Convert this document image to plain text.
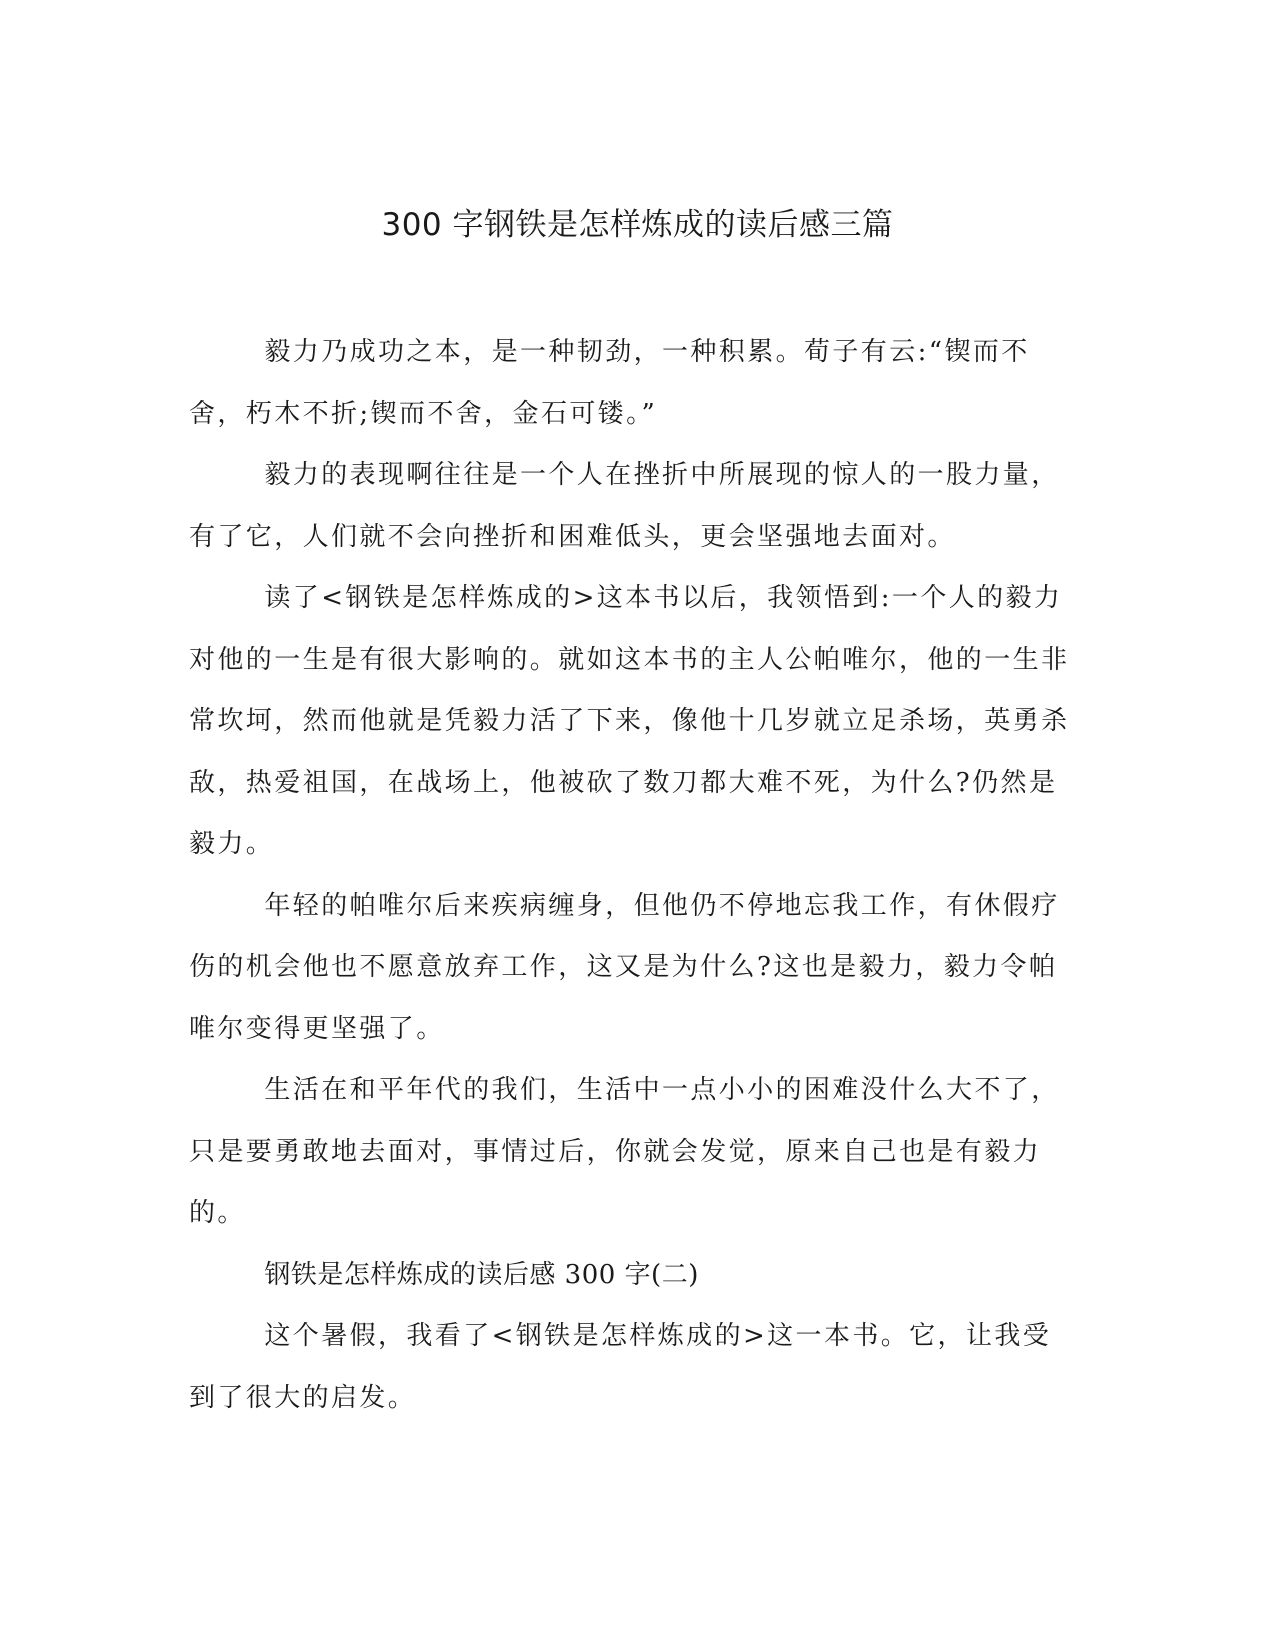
300 字钢铁是怎样炼成的读后感三篇

毅力乃成功之本，是一种韧劲，一种积累。荀子有云:“锲而不舍，朽木不折;锲而不舍，金石可镂。”

毅力的表现啊往往是一个人在挫折中所展现的惊人的一股力量，有了它，人们就不会向挫折和困难低头，更会坚强地去面对。

读了<钢铁是怎样炼成的>这本书以后，我领悟到:一个人的毅力对他的一生是有很大影响的。就如这本书的主人公帕唯尔，他的一生非常坎坷，然而他就是凭毅力活了下来，像他十几岁就立足杀场，英勇杀敌，热爱祖国，在战场上，他被砍了数刀都大难不死，为什么?仍然是毅力。

年轻的帕唯尔后来疾病缠身，但他仍不停地忘我工作，有休假疗伤的机会他也不愿意放弃工作，这又是为什么?这也是毅力，毅力令帕唯尔变得更坚强了。

生活在和平年代的我们，生活中一点小小的困难没什么大不了，只是要勇敢地去面对，事情过后，你就会发觉，原来自己也是有毅力的。

钢铁是怎样炼成的读后感 300 字(二)

这个暑假，我看了<钢铁是怎样炼成的>这一本书。它，让我受到了很大的启发。
